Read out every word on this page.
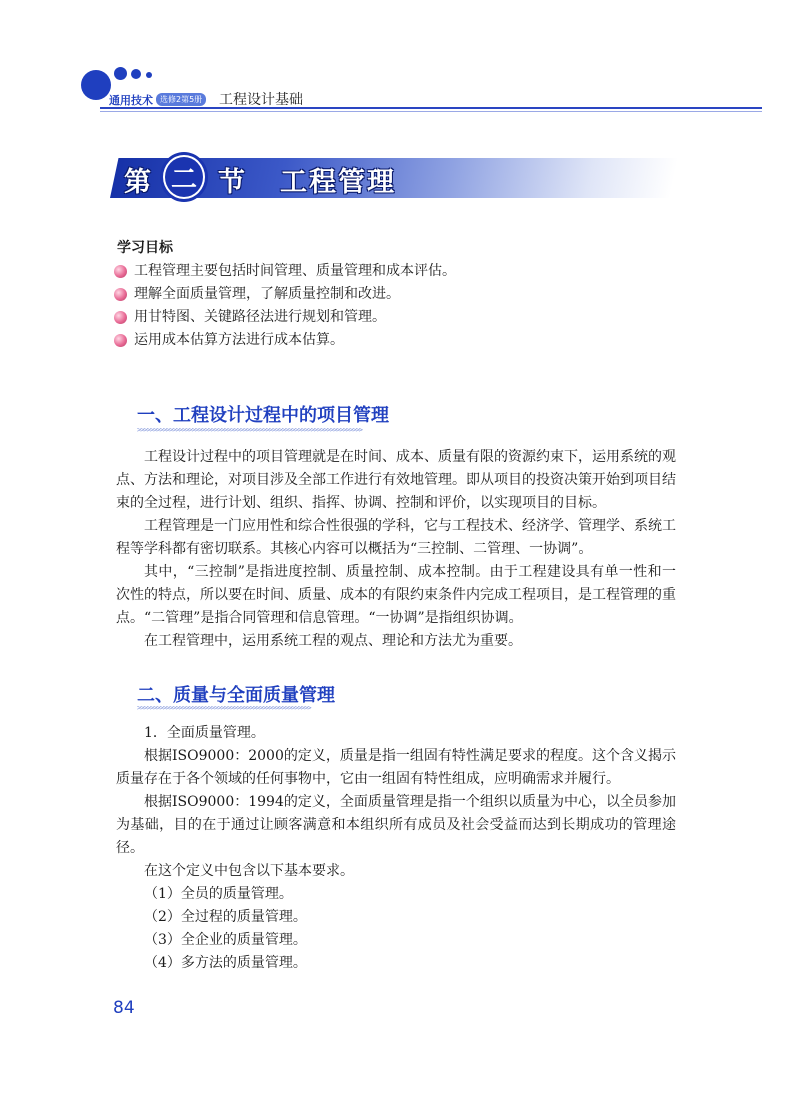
通用技术 选修2第5册 工程设计基础
第 二 节 工程管理
学习目标
工程管理主要包括时间管理、质量管理和成本评估。
理解全面质量管理，了解质量控制和改进。
用甘特图、关键路径法进行规划和管理。
运用成本估算方法进行成本估算。
一、工程设计过程中的项目管理
>>>>>>>>>>>>>>>>>>>>>>>>>>>>>>>>>>>>>>>>>>>>>>>>>>>>>>>>>>>>>>>>>>>>>>

工程设计过程中的项目管理就是在时间、成本、质量有限的资源约束下，运用系统的观点、方法和理论，对项目涉及全部工作进行有效地管理。即从项目的投资决策开始到项目结束的全过程，进行计划、组织、指挥、协调、控制和评价，以实现项目的目标。

工程管理是一门应用性和综合性很强的学科，它与工程技术、经济学、管理学、系统工程等学科都有密切联系。其核心内容可以概括为“三控制、二管理、一协调”。

其中，“三控制”是指进度控制、质量控制、成本控制。由于工程建设具有单一性和一次性的特点，所以要在时间、质量、成本的有限约束条件内完成工程项目，是工程管理的重点。“二管理”是指合同管理和信息管理。“一协调”是指组织协调。

在工程管理中，运用系统工程的观点、理论和方法尤为重要。

二、质量与全面质量管理
>>>>>>>>>>>>>>>>>>>>>>>>>>>>>>>>>>>>>>>>>>>>>>>>>>>>>>

1．全面质量管理。

根据ISO9000：2000的定义，质量是指一组固有特性满足要求的程度。这个含义揭示质量存在于各个领域的任何事物中，它由一组固有特性组成，应明确需求并履行。

根据ISO9000：1994的定义，全面质量管理是指一个组织以质量为中心，以全员参加为基础，目的在于通过让顾客满意和本组织所有成员及社会受益而达到长期成功的管理途径。

在这个定义中包含以下基本要求。

（1）全员的质量管理。

（2）全过程的质量管理。

（3）全企业的质量管理。

（4）多方法的质量管理。

84
